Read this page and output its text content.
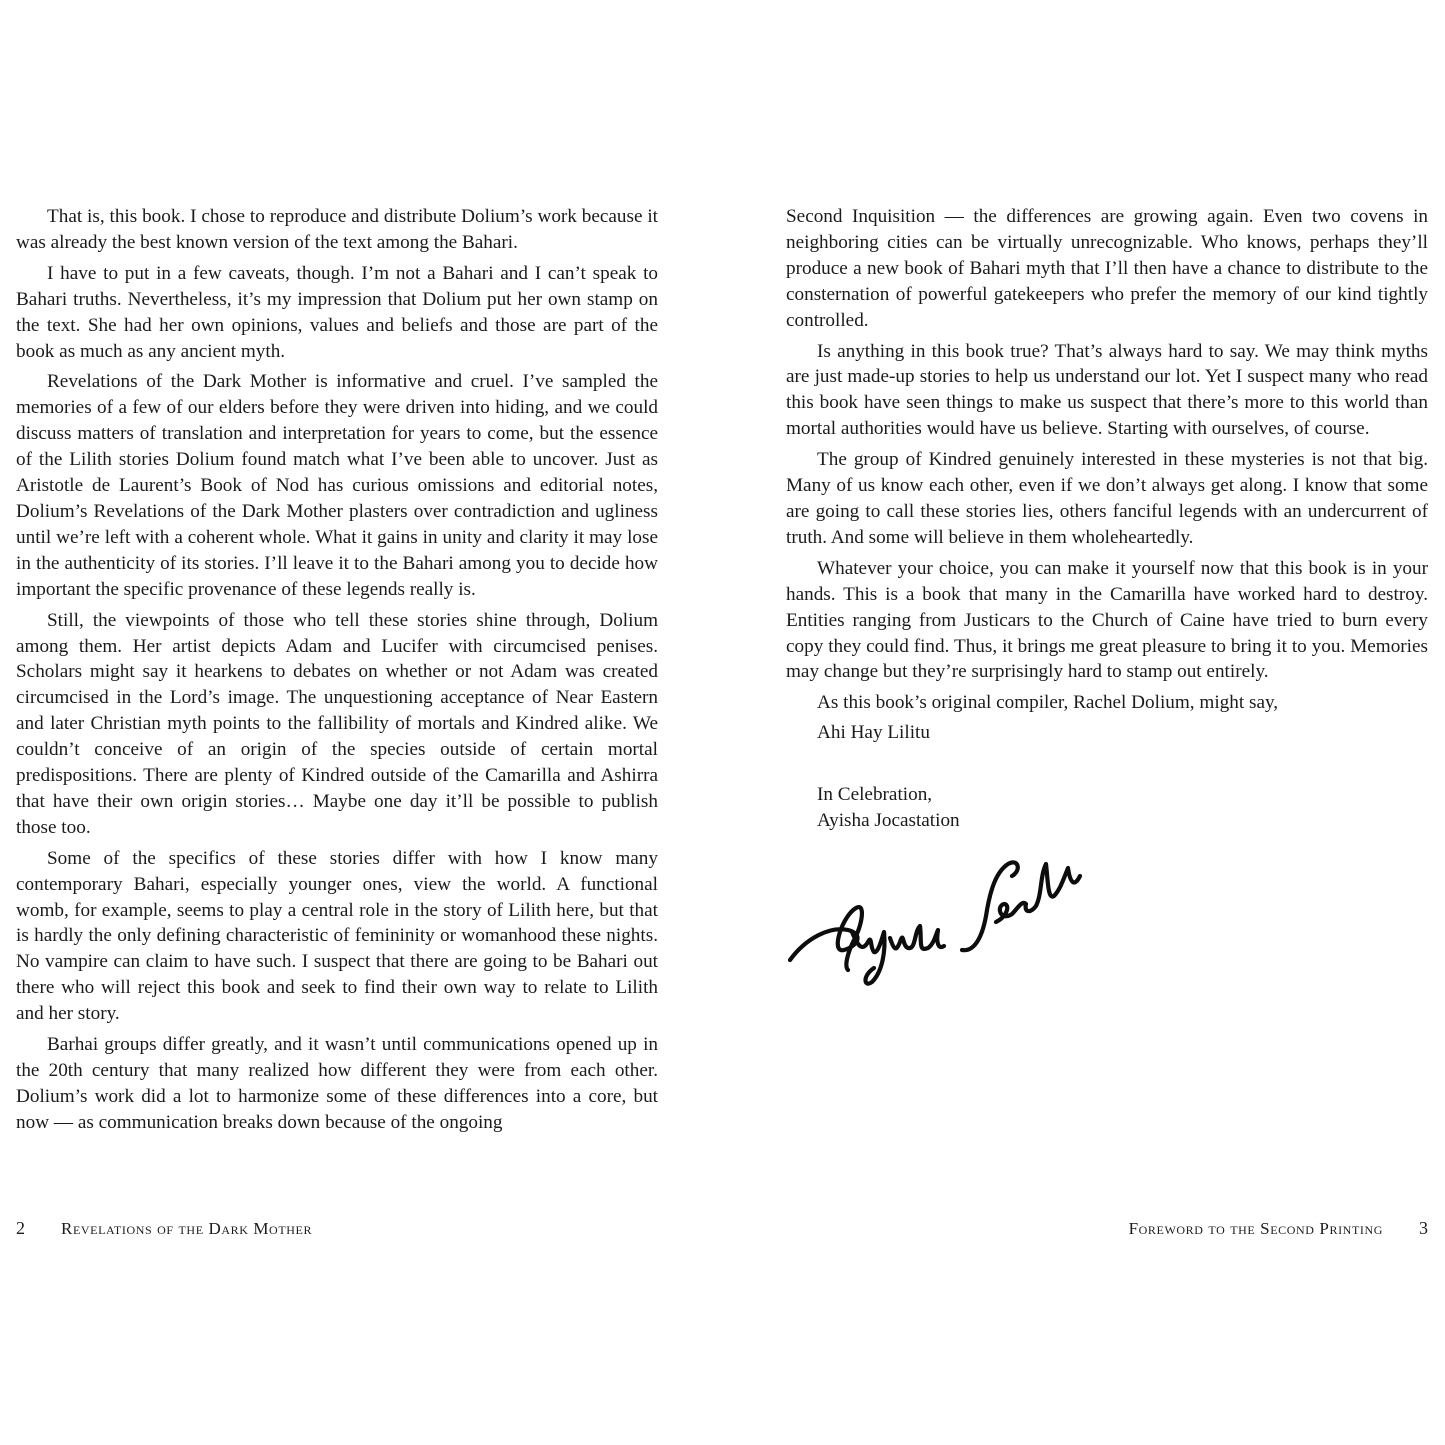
That is, this book. I chose to reproduce and distribute Dolium’s work because it was already the best known version of the text among the Bahari.

I have to put in a few caveats, though. I’m not a Bahari and I can’t speak to Bahari truths. Nevertheless, it’s my impression that Dolium put her own stamp on the text. She had her own opinions, values and beliefs and those are part of the book as much as any ancient myth.

Revelations of the Dark Mother is informative and cruel. I’ve sampled the memories of a few of our elders before they were driven into hiding, and we could discuss matters of translation and interpretation for years to come, but the essence of the Lilith stories Dolium found match what I’ve been able to uncover. Just as Aristotle de Laurent’s Book of Nod has curious omissions and editorial notes, Dolium’s Revelations of the Dark Mother plasters over contradiction and ugliness until we’re left with a coherent whole. What it gains in unity and clarity it may lose in the authenticity of its stories. I’ll leave it to the Bahari among you to decide how important the specific provenance of these legends really is.

Still, the viewpoints of those who tell these stories shine through, Dolium among them. Her artist depicts Adam and Lucifer with circumcised penises. Scholars might say it hearkens to debates on whether or not Adam was created circumcised in the Lord’s image. The unquestioning acceptance of Near Eastern and later Christian myth points to the fallibility of mortals and Kindred alike. We couldn’t conceive of an origin of the species outside of certain mortal predispositions. There are plenty of Kindred outside of the Camarilla and Ashirra that have their own origin stories… Maybe one day it’ll be possible to publish those too.

Some of the specifics of these stories differ with how I know many contemporary Bahari, especially younger ones, view the world. A functional womb, for example, seems to play a central role in the story of Lilith here, but that is hardly the only defining characteristic of femininity or womanhood these nights. No vampire can claim to have such. I suspect that there are going to be Bahari out there who will reject this book and seek to find their own way to relate to Lilith and her story.

Barhai groups differ greatly, and it wasn’t until communications opened up in the 20th century that many realized how different they were from each other. Dolium’s work did a lot to harmonize some of these differences into a core, but now — as communication breaks down because of the ongoing

Second Inquisition — the differences are growing again. Even two covens in neighboring cities can be virtually unrecognizable. Who knows, perhaps they’ll produce a new book of Bahari myth that I’ll then have a chance to distribute to the consternation of powerful gatekeepers who prefer the memory of our kind tightly controlled.

Is anything in this book true? That’s always hard to say. We may think myths are just made-up stories to help us understand our lot. Yet I suspect many who read this book have seen things to make us suspect that there’s more to this world than mortal authorities would have us believe. Starting with ourselves, of course.

The group of Kindred genuinely interested in these mysteries is not that big. Many of us know each other, even if we don’t always get along. I know that some are going to call these stories lies, others fanciful legends with an undercurrent of truth. And some will believe in them wholeheartedly.

Whatever your choice, you can make it yourself now that this book is in your hands. This is a book that many in the Camarilla have worked hard to destroy. Entities ranging from Justicars to the Church of Caine have tried to burn every copy they could find. Thus, it brings me great pleasure to bring it to you. Memories may change but they’re surprisingly hard to stamp out entirely.

As this book’s original compiler, Rachel Dolium, might say,

Ahi Hay Lilitu

In Celebration,

Ayisha Jocastation

Ayisha Jocastation
2 Revelations of the Dark Mother	Foreword to the Second Printing 3
